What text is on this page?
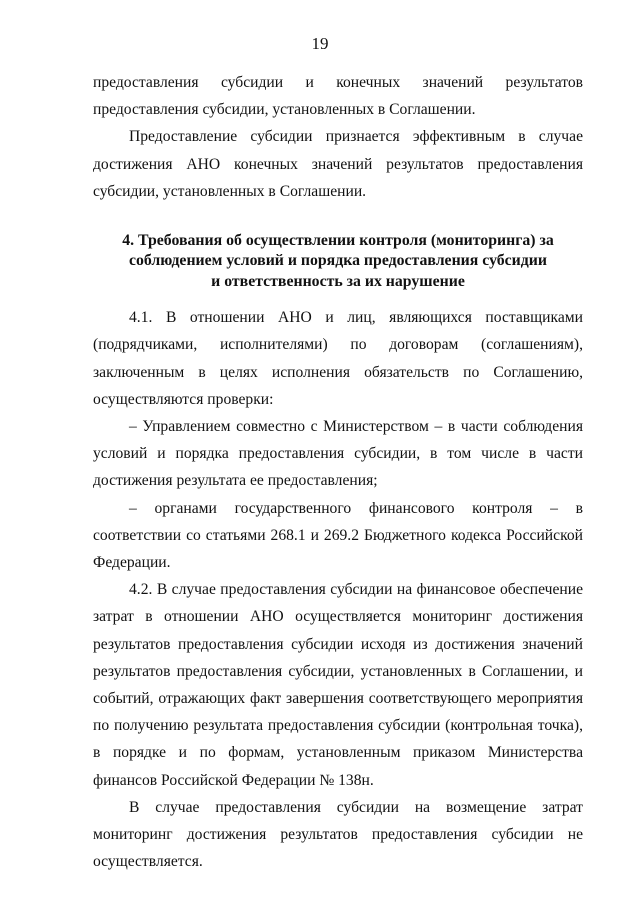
19

предоставления субсидии и конечных значений результатов предоставления субсидии, установленных в Соглашении.

Предоставление субсидии признается эффективным в случае достижения АНО конечных значений результатов предоставления субсидии, установленных в Соглашении.

4. Требования об осуществлении контроля (мониторинга) за
соблюдением условий и порядка предоставления субсидии
и ответственность за их нарушение

4.1. В отношении АНО и лиц, являющихся поставщиками (подрядчиками, исполнителями) по договорам (соглашениям), заключенным в целях исполнения обязательств по Соглашению, осуществляются проверки:

– Управлением совместно с Министерством – в части соблюдения условий и порядка предоставления субсидии, в том числе в части достижения результата ее предоставления;

– органами государственного финансового контроля – в соответствии со статьями 268.1 и 269.2 Бюджетного кодекса Российской Федерации.

4.2. В случае предоставления субсидии на финансовое обеспечение затрат в отношении АНО осуществляется мониторинг достижения результатов предоставления субсидии исходя из достижения значений результатов предоставления субсидии, установленных в Соглашении, и событий, отражающих факт завершения соответствующего мероприятия по получению результата предоставления субсидии (контрольная точка), в порядке и по формам, установленным приказом Министерства финансов Российской Федерации № 138н.

В случае предоставления субсидии на возмещение затрат мониторинг достижения результатов предоставления субсидии не осуществляется.
